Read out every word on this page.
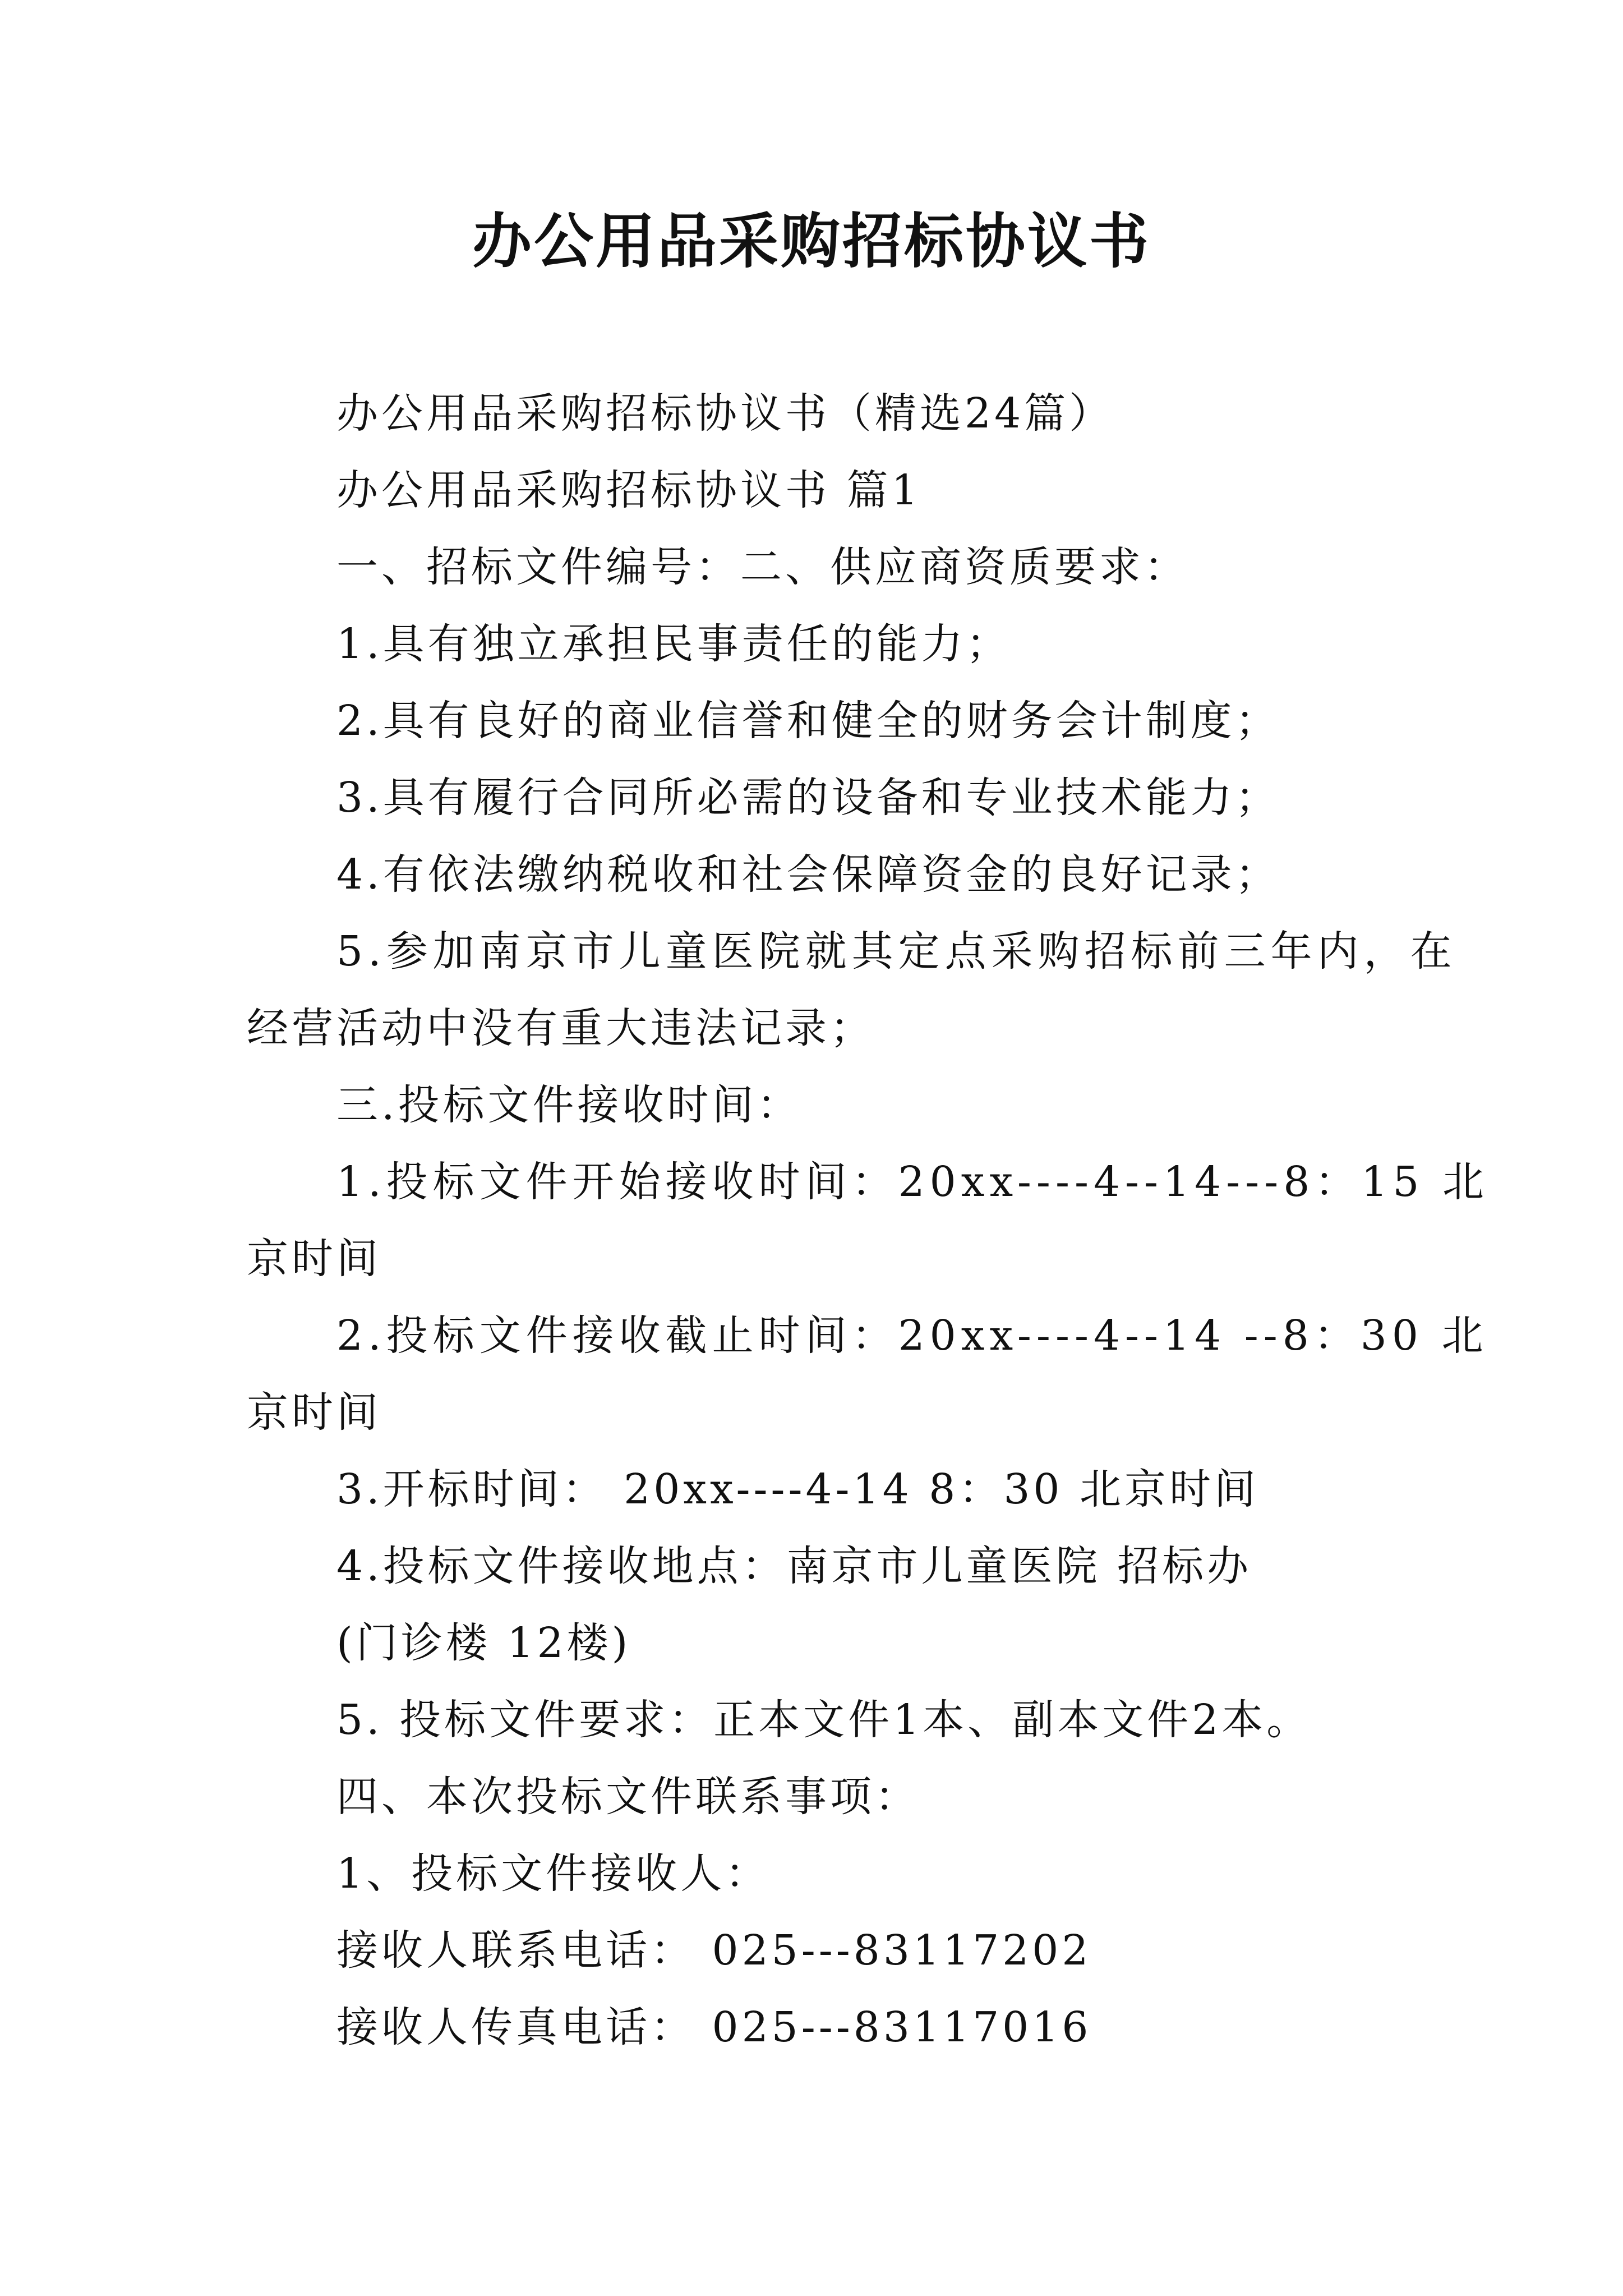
办公用品采购招标协议书
办公用品采购招标协议书（精选24篇）
办公用品采购招标协议书 篇1
一、招标文件编号：二、供应商资质要求：
1.具有独立承担民事责任的能力；
2.具有良好的商业信誉和健全的财务会计制度；
3.具有履行合同所必需的设备和专业技术能力；
4.有依法缴纳税收和社会保障资金的良好记录；
5.参加南京市儿童医院就其定点采购招标前三年内，在
经营活动中没有重大违法记录；
三.投标文件接收时间：
1.投标文件开始接收时间：20xx----4--14---8：15 北
京时间
2.投标文件接收截止时间：20xx----4--14 --8：30 北
京时间
3.开标时间： 20xx----4-14 8：30 北京时间
4.投标文件接收地点：南京市儿童医院 招标办
(门诊楼 12楼)
5. 投标文件要求：正本文件1本、副本文件2本。
四、本次投标文件联系事项：
1、投标文件接收人：
接收人联系电话： 025---83117202
接收人传真电话： 025---83117016
